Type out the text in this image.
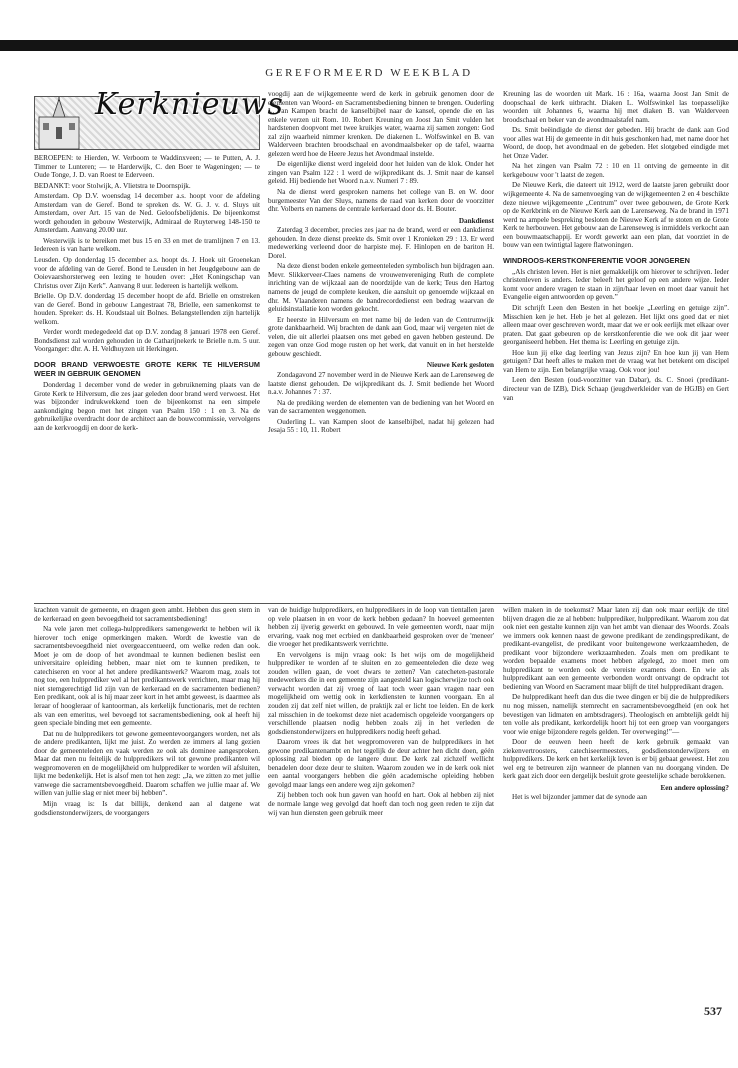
GEREFORMEERD WEEKBLAD
Kerknieuws

BEROEPEN: te Hierden, W. Verboom te Waddinxveen; — te Putten, A. J. Timmer te Lunteren; — te Harderwijk, C. den Boer te Wageningen; — te Oude Tonge, J. D. van Roest te Ederveen.

BEDANKT: voor Stolwijk, A. Vlietstra te Doornspijk.

Amsterdam. Op D.V. woensdag 14 december a.s. hoopt voor de afdeling Amsterdam van de Geref. Bond te spreken ds. W. G. J. v. d. Sluys uit Amsterdam, over Art. 15 van de Ned. Geloofsbelijdenis. De bijeenkomst wordt gehouden in gebouw Westerwijk, Admiraal de Ruyterweg 148-150 te Amsterdam. Aanvang 20.00 uur.

Westerwijk is te bereiken met bus 15 en 33 en met de tramlijnen 7 en 13. Iedereen is van harte welkom.

Leusden. Op donderdag 15 december a.s. hoopt ds. J. Hoek uit Groenekan voor de afdeling van de Geref. Bond te Leusden in het Jeugdgebouw aan de Ooievaarshorsterweg een lezing te houden over: „Het Koningschap van Christus over Zijn Kerk”. Aanvang 8 uur. Iedereen is hartelijk welkom.

Brielle. Op D.V. donderdag 15 december hoopt de afd. Brielle en omstreken van de Geref. Bond in gebouw Langestraat 78, Brielle, een samenkomst te houden. Spreker: ds. H. Koudstaal uit Bolnes. Belangstellenden zijn hartelijk welkom.

Verder wordt medegedeeld dat op D.V. zondag 8 januari 1978 een Geref. Bondsdienst zal worden gehouden in de Catharijnekerk te Brielle n.m. 5 uur. Voorganger: dhr. A. H. Veldhuyzen uit Herkingen.

DOOR BRAND VERWOESTE GROTE KERK TE HILVERSUM WEER IN GEBRUIK GENOMEN

Donderdag 1 december vond de weder in gebruikneming plaats van de Grote Kerk te Hilversum, die zes jaar geleden door brand werd verwoest. Het was bijzonder indrukwekkend toen de bijeenkomst na een simpele aankondiging begon met het zingen van Psalm 150 : 1 en 3. Na de gebruikelijke overdracht door de architect aan de bouwcommissie, vervolgens aan de kerkvoogdij en door de kerk-

voogdij aan de wijkgemeente werd de kerk in gebruik genomen door de elementen van Woord- en Sacramentsbediening binnen te brengen. Ouderling L. van Kampen bracht de kanselbijbel naar de kansel, opende die en las enkele verzen uit Rom. 10. Robert Kreuning en Joost Jan Smit vulden het hardstenen doopvont met twee kruikjes water, waarna zij samen zongen: God zal zijn waarheid nimmer krenken. De diakenen L. Wolfswinkel en B. van Walderveen brachten broodschaal en avondmaalsbeker op de tafel, waarna gelezen werd hoe de Heere Jezus het Avondmaal instelde.

De eigenlijke dienst werd ingeleid door het luiden van de klok. Onder het zingen van Psalm 122 : 1 werd de wijkpredikant ds. J. Smit naar de kansel geleid. Hij bediende het Woord n.a.v. Numeri 7 : 89.

Na de dienst werd gesproken namens het college van B. en W. door burgemeester Van der Sluys, namens de raad van kerken door de voorzitter dhr. Volberts en namens de centrale kerkeraad door ds. H. Bouter.

Dankdienst

Zaterdag 3 december, precies zes jaar na de brand, werd er een dankdienst gehouden. In deze dienst preekte ds. Smit over 1 Kronieken 29 : 13. Er werd medewerking verleend door de harpiste mej. F. Hinlopen en de bariton H. Dorel.

Na deze dienst boden enkele gemeenteleden symbolisch hun bijdragen aan. Mevr. Slikkerveer-Claes namens de vrouwenvereniging Ruth de complete inrichting van de wijkzaal aan de noordzijde van de kerk; Teus den Hartog namens de jeugd de complete keuken, die aansluit op genoemde wijkzaal en dhr. M. Vlaanderen namens de bandrecordedienst een bedrag waarvan de geluidsinstallatie kon worden gekocht.

Er heerste in Hilversum en met name bij de leden van de Centrumwijk grote dankbaarheid. Wij brachten de dank aan God, maar wij vergeten niet de velen, die uit allerlei plaatsen ons met gebed en gaven hebben gesteund. De zegen van onze God moge rusten op het werk, dat vanuit en in het herstelde gebouw geschiedt.

Nieuwe Kerk gesloten

Zondagavond 27 november werd in de Nieuwe Kerk aan de Larenseweg de laatste dienst gehouden. De wijkpredikant ds. J. Smit bediende het Woord n.a.v. Johannes 7 : 37.

Na de prediking werden de elementen van de bediening van het Woord en van de sacramenten weggenomen.

Ouderling L. van Kampen sloot de kanselbijbel, nadat hij gelezen had Jesaja 55 : 10, 11. Robert

Kreuning las de woorden uit Mark. 16 : 16a, waarna Joost Jan Smit de doopschaal de kerk uitbracht. Diaken L. Wolfswinkel las toepasselijke woorden uit Johannes 6, waarna hij met diaken B. van Walderveen broodschaal en beker van de avondmaalstafel nam.

Ds. Smit beëindigde de dienst der gebeden. Hij bracht de dank aan God voor alles wat Hij de gemeente in dit huis geschonken had, met name door het Woord, de doop, het avondmaal en de gebeden. Het slotgebed eindigde met het Onze Vader.

Na het zingen van Psalm 72 : 10 en 11 ontving de gemeente in dit kerkgebouw voor 't laatst de zegen.

De Nieuwe Kerk, die dateert uit 1912, werd de laatste jaren gebruikt door wijkgemeente 4. Na de samenvoeging van de wijkgemeenten 2 en 4 beschikte deze nieuwe wijkgemeente „Centrum” over twee gebouwen, de Grote Kerk op de Kerkbrink en de Nieuwe Kerk aan de Larenseweg. Na de brand in 1971 werd na ampele bespreking besloten de Nieuwe Kerk af te stoten en de Grote Kerk te herbouwen. Het gebouw aan de Larenseweg is inmiddels verkocht aan een bouwmaatschappij. Er wordt gewerkt aan een plan, dat voorziet in de bouw van een twintigtal lagere flatwoningen.

WINDROOS-KERSTKONFERENTIE VOOR JONGEREN

„Als christen leven. Het is niet gemakkelijk om hierover te schrijven. Ieder christenleven is anders. Ieder beleeft het geloof op een andere wijze. Ieder komt voor andere vragen te staan in zijn/haar leven en moet daar vanuit het Evangelie eigen antwoorden op geven.”

Dit schrijft Leen den Besten in het boekje „Leerling en getuige zijn”. Misschien ken je het. Heb je het al gelezen. Het lijkt ons goed dat er niet alleen maar over geschreven wordt, maar dat we er ook eerlijk met elkaar over praten. Dat gaat gebeuren op de kerstkonferentie die we ook dit jaar weer georganiseerd hebben. Het thema is: Leerling en getuige zijn.

Hoe kun jij elke dag leerling van Jezus zijn? En hoe kun jij van Hem getuigen? Dat heeft alles te maken met de vraag wat het betekent om discipel van Hem te zijn. Een belangrijke vraag. Ook voor jou!

Leen den Besten (oud-voorzitter van Dabar), ds. C. Snoei (predikant-directeur van de IZB), Dick Schaap (jeugdwerkleider van de HGJB) en Gert van

krachten vanuit de gemeente, en dragen geen ambt. Hebben dus geen stem in de kerkeraad en geen bevoegdheid tot sacramentsbediening!

Na vele jaren met collega-hulppredikers samengewerkt te hebben wil ik hierover toch enige opmerkingen maken. Wordt de kwestie van de sacramentsbevoegdheid niet overgeaccentueerd, om welke reden dan ook. Moet je om de doop of het avondmaal te kunnen bedienen beslist een universitaire opleiding hebben, maar niet om te kunnen prediken, te catechiseren en voor al het andere predikantswerk? Waarom mag, zoals tot nog toe, een hulpprediker wel al het predikantswerk verrichten, maar mag hij niet stemgerechtigd lid zijn van de kerkeraad en de sacramenten bedienen? Een predikant, ook al is hij maar zeer kort in het ambt geweest, is daarmee als leraar of hoogleraar of kantoorman, als kerkelijk functionaris, met de rechten als van een emeritus, wel bevoegd tot sacramentsbediening, ook al heeft hij geen speciale binding met een gemeente.

Dat nu de hulppredikers tot gewone gemeentevoorgangers worden, net als de andere predikanten, lijkt me juist. Zo werden ze immers al lang gezien door de gemeenteleden en vaak werden ze ook als dominee aangesproken. Maar dat men nu feitelijk de hulppredikers wil tot gewone predikanten wil wegpromoveren en de mogelijkheid om hulpprediker te worden wil afsluiten, lijkt me bedenkelijk. Het is alsof men tot hen zegt: „Ja, we zitten zo met jullie vanwege die sacramentsbevoegdheid. Daarom schaffen we jullie maar af. We willen van jullie slag er niet meer bij hebben”.

Mijn vraag is: Is dat billijk, denkend aan al datgene wat godsdienstonderwijzers, de voorgangers

van de huidige hulppredikers, en hulppredikers in de loop van tientallen jaren op vele plaatsen in en voor de kerk hebben gedaan? In hoeveel gemeenten hebben zij ijverig gewerkt en gebouwd. In vele gemeenten wordt, naar mijn ervaring, vaak nog met ecrbied en dankbaarheid gesproken over de 'meneer' die vroeger het predikantswerk verrichtte.

En vervolgens is mijn vraag ook: Is het wijs om de mogelijkheid hulpprediker te worden af te sluiten en zo gemeenteleden die deze weg zouden willen gaan, de voet dwars te zetten? Van catecheten-pastorale medewerkers die in een gemeente zijn aangesteld kan logischerwijze toch ook verwacht worden dat zij vroeg of laat toch weer gaan vragen naar een mogelijkheid om wettig ook in kerkdiensten te kunnen voorgaan. En al zouden zij dat zelf niet willen, de praktijk zal er licht toe leiden. En de kerk zal misschien in de toekomst deze niet academisch opgeleide voorgangers op verschillende plaatsen nodig hebben zoals zij in het verleden de godsdienstonderwijzers en hulppredikers nodig heeft gehad.

Daarom vrees ik dat het wegpromoveren van de hulppredikers in het gewone predikantenambt en het tegelijk de deur achter hen dicht doen, géén oplossing zal bieden op de langere duur. De kerk zal zichzelf wellicht benadelen door deze deur te sluiten. Waarom zouden we in de kerk ook niet een aantal voorgangers hebben die géén academische opleiding hebben gevolgd maar langs een andere weg zijn gekomen?

Zij hebben toch ook hun gaven van hoofd en hart. Ook al hebben zij niet de normale lange weg gevolgd dat hoeft dan toch nog geen reden te zijn dat wij van hun diensten geen gebruik meer

willen maken in de toekomst? Maar laten zij dan ook maar eerlijk de titel blijven dragen die ze al hebben: hulpprediker, hulppredikant. Waarom zou dat ook niet een gestalte kunnen zijn van het ambt van dienaar des Woords. Zoals we immers ook kennen naast de gewone predikant de zendingspredikant, de predikant-evangelist, de predikant voor buitengewone werkzaamheden, de predikant voor bijzondere werkzaamheden. Zoals men om predikant te worden bepaalde examens moet hebben afgelegd, zo moet men om hulppredikant te worden ook de vereiste examens doen. En wie als hulppredikant aan een gemeente verbonden wordt ontvangt de opdracht tot bediening van Woord en Sacrament maar blijft de titel hulppredikant dragen.

De hulppredikant heeft dan dus die twee dingen er bij die de hulppredikers nu nog missen, namelijk stemrecht en sacramentsbevoegdheid (en ook het bevestigen van lidmaten en ambtsdragers). Theologisch en ambtelijk geldt hij ten volle als predikant, kerkordelijk hoort hij tot een groep van voorgangers voor wie enige bijzondere regels gelden. Ter overweging!”—

Door de eeuwen heen heeft de kerk gebruik gemaakt van ziekenvertroosters, catechiseermeesters, godsdienstonderwijzers en hulppredikers. De kerk en het kerkelijk leven is er bij gebaat geweest. Het zou wel erg te betreuren zijn wanneer de plannen van nu doorgang vinden. De kerk gaat zich door een dergelijk besluit grote geestelijke schade berokkenen.

Een andere oplossing?

Het is wel bijzonder jammer dat de synode aan

537
